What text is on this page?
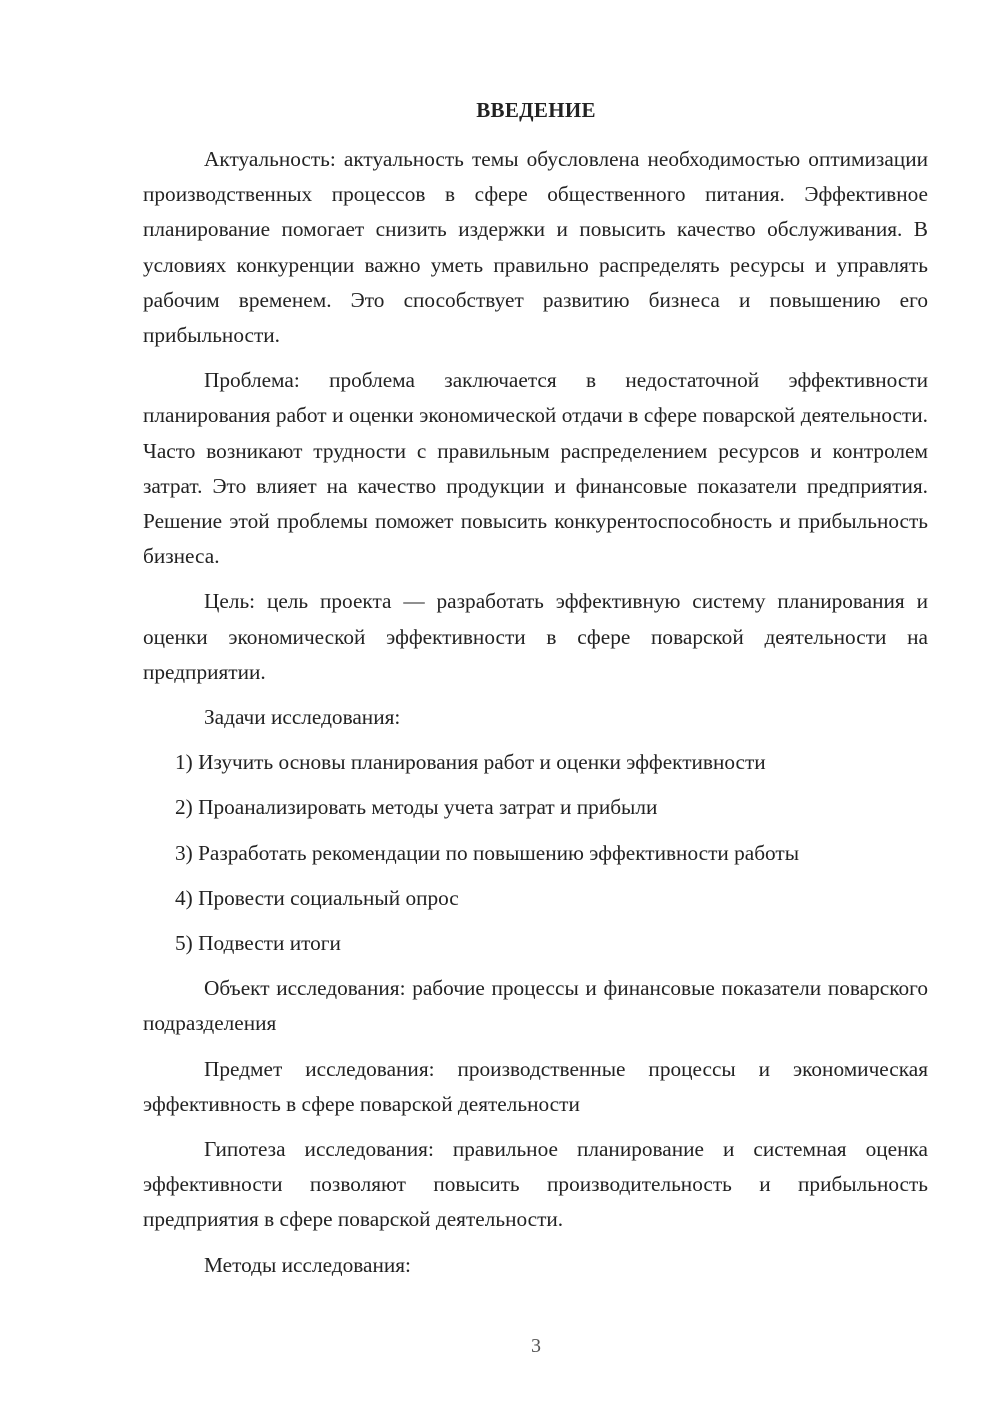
ВВЕДЕНИЕ

Актуальность: актуальность темы обусловлена необходимостью оптимизации производственных процессов в сфере общественного питания. Эффективное планирование помогает снизить издержки и повысить качество обслуживания. В условиях конкуренции важно уметь правильно распределять ресурсы и управлять рабочим временем. Это способствует развитию бизнеса и повышению его прибыльности.

Проблема: проблема заключается в недостаточной эффективности планирования работ и оценки экономической отдачи в сфере поварской деятельности. Часто возникают трудности с правильным распределением ресурсов и контролем затрат. Это влияет на качество продукции и финансовые показатели предприятия. Решение этой проблемы поможет повысить конкурентоспособность и прибыльность бизнеса.

Цель: цель проекта — разработать эффективную систему планирования и оценки экономической эффективности в сфере поварской деятельности на предприятии.

Задачи исследования:

1) Изучить основы планирования работ и оценки эффективности

2) Проанализировать методы учета затрат и прибыли

3) Разработать рекомендации по повышению эффективности работы

4) Провести социальный опрос

5) Подвести итоги

Объект исследования: рабочие процессы и финансовые показатели поварского подразделения

Предмет исследования: производственные процессы и экономическая эффективность в сфере поварской деятельности

Гипотеза исследования: правильное планирование и системная оценка эффективности позволяют повысить производительность и прибыльность предприятия в сфере поварской деятельности.

Методы исследования:

3
